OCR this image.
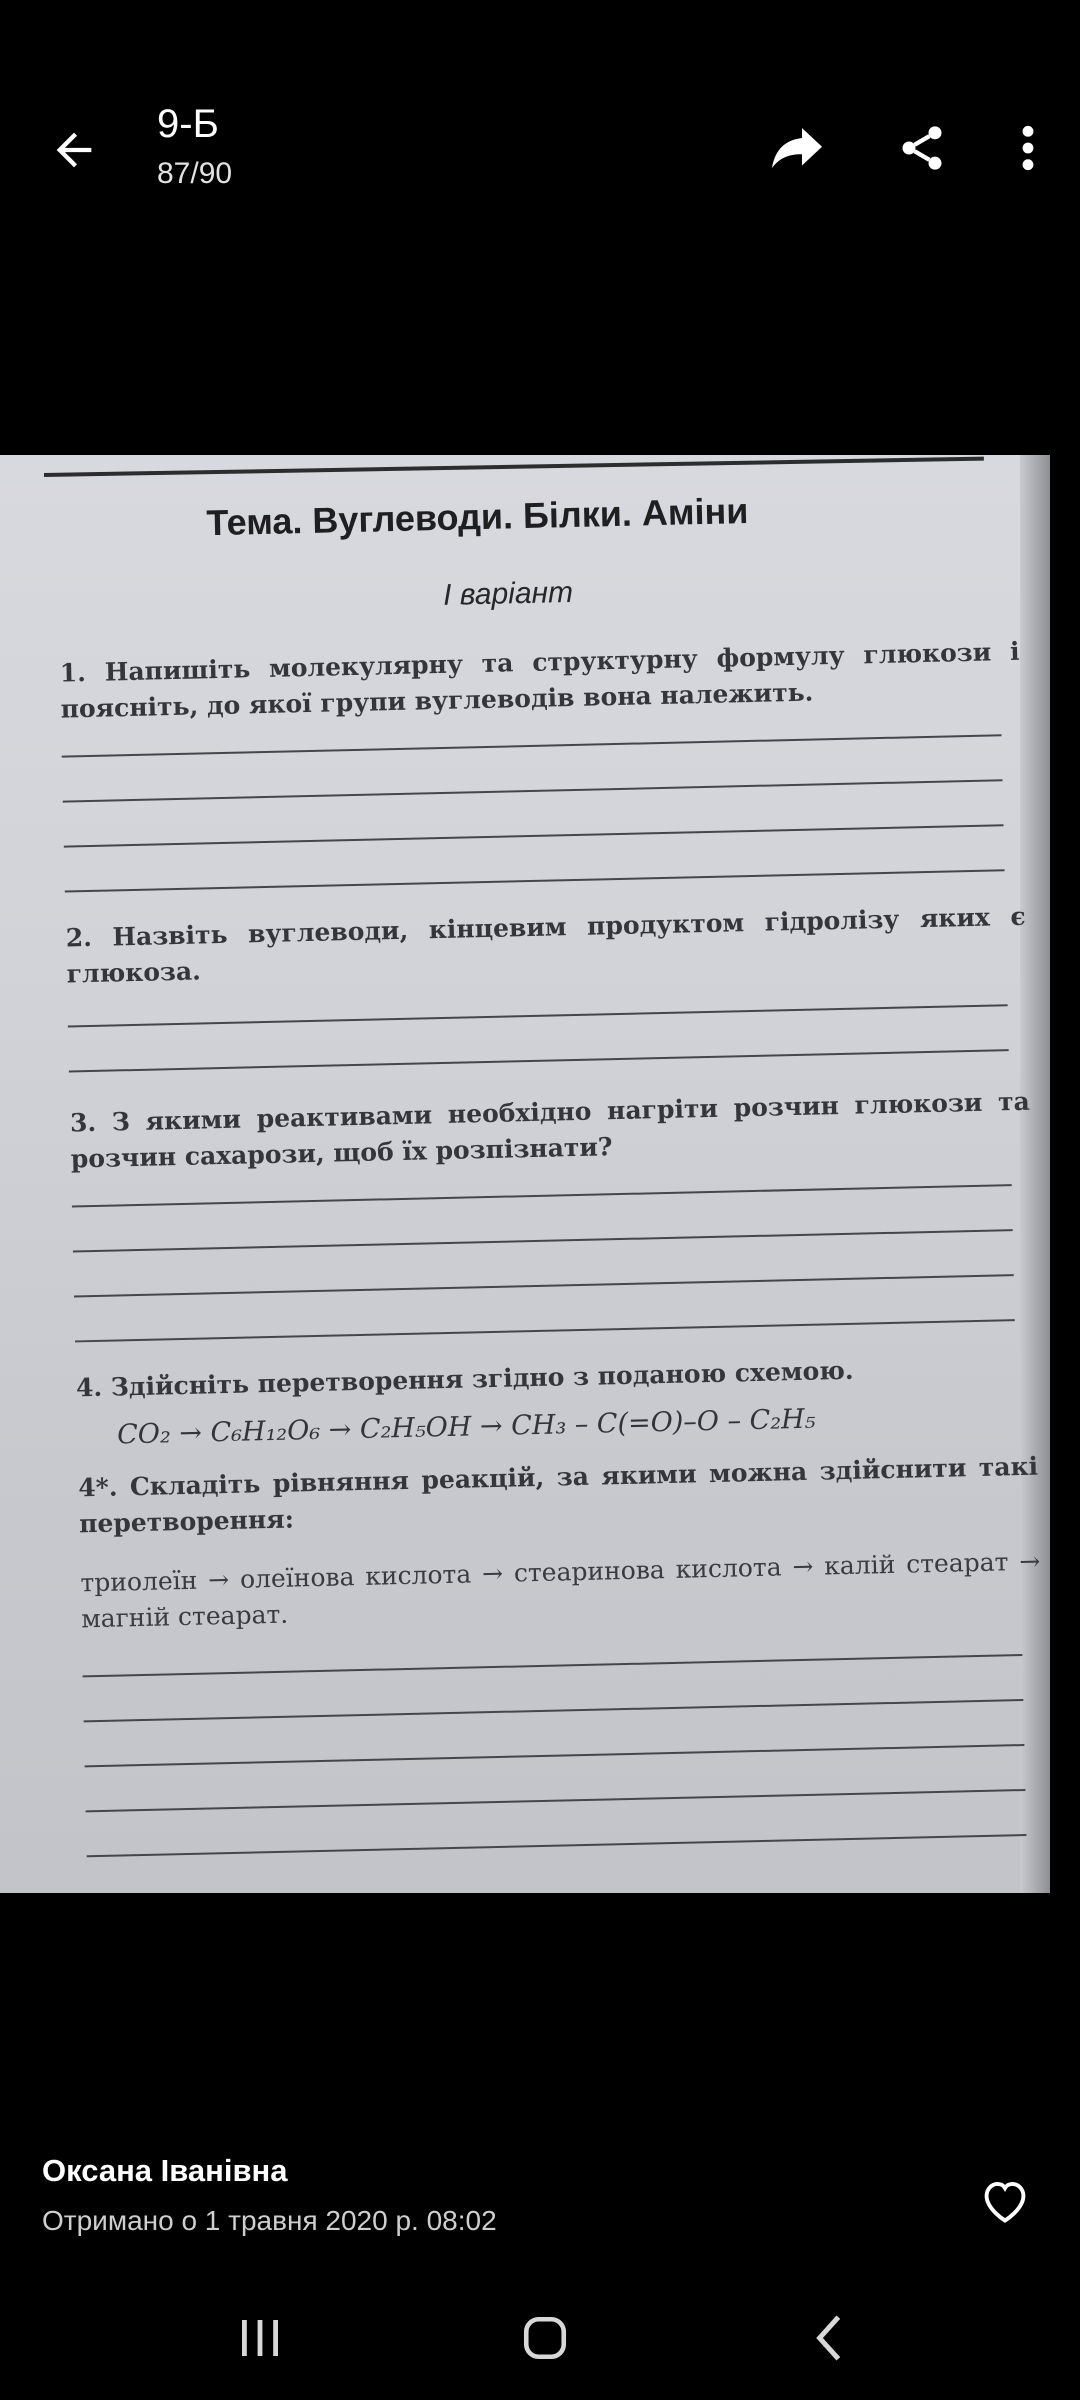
9-Б
87/90
Тема. Вуглеводи. Білки. Аміни
I варіант
1. Напишіть молекулярну та структурну формулу глюкози і поясніть, до якої групи вуглеводів вона належить.
2. Назвіть вуглеводи, кінцевим продуктом гідролізу яких є глюкоза.
3. З якими реактивами необхідно нагріти розчин глюкози та розчин сахарози, щоб їх розпізнати?
4. Здійсніть перетворення згідно з поданою схемою.
CO₂ → C₆H₁₂O₆ → C₂H₅OH → CH₃ – C(=O)–O – C₂H₅
4*. Складіть рівняння реакцій, за якими можна здійснити такі перетворення:
триолеїн → олеїнова кислота → стеаринова кислота → калій стеарат → магній стеарат.
Оксана Іванівна
Отримано о 1 травня 2020 р. 08:02
